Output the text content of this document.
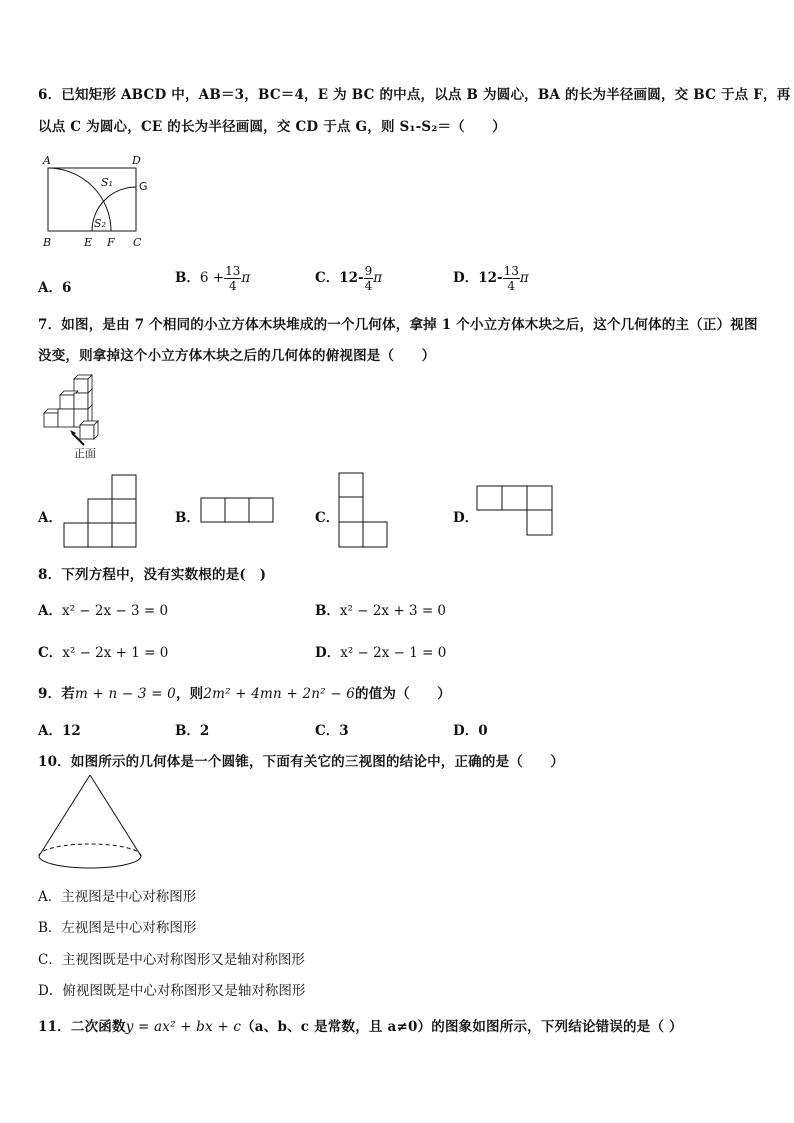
6．已知矩形 ABCD 中，AB＝3，BC＝4，E 为 BC 的中点，以点 B 为圆心，BA 的长为半径画圆，交 BC 于点 F，再
以点 C 为圆心，CE 的长为半径画圆，交 CD 于点 G，则 S₁-S₂＝（　　）
A	D
B	E F C
G
S₁
S₂
A．6
B．$6 + \frac{13}{4}$ π	C．$12- \frac{9}{4}$ π	D．$12- \frac{13}{4}$ π
7．如图，是由 7 个相同的小立方体木块堆成的一个几何体，拿掉 1 个小立方体木块之后，这个几何体的主（正）视图
没变，则拿掉这个小立方体木块之后的几何体的俯视图是（　　）
正面
A．	B．	C．	D．
8．下列方程中，没有实数根的是(　)
A．x² − 2x − 3 = 0	B．x² − 2x + 3 = 0
C．x² − 2x + 1 = 0	D．x² − 2x − 1 = 0
9．若m + n − 3 = 0，则2m² + 4mn + 2n² − 6的值为（　　）
A．12	B．2	C．3	D．0
10．如图所示的几何体是一个圆锥，下面有关它的三视图的结论中，正确的是（　　）
A．主视图是中心对称图形
B．左视图是中心对称图形
C．主视图既是中心对称图形又是轴对称图形
D．俯视图既是中心对称图形又是轴对称图形
11．二次函数y = ax² + bx + c（a、b、c 是常数，且 a≠0）的图象如图所示，下列结论错误的是（ ）
